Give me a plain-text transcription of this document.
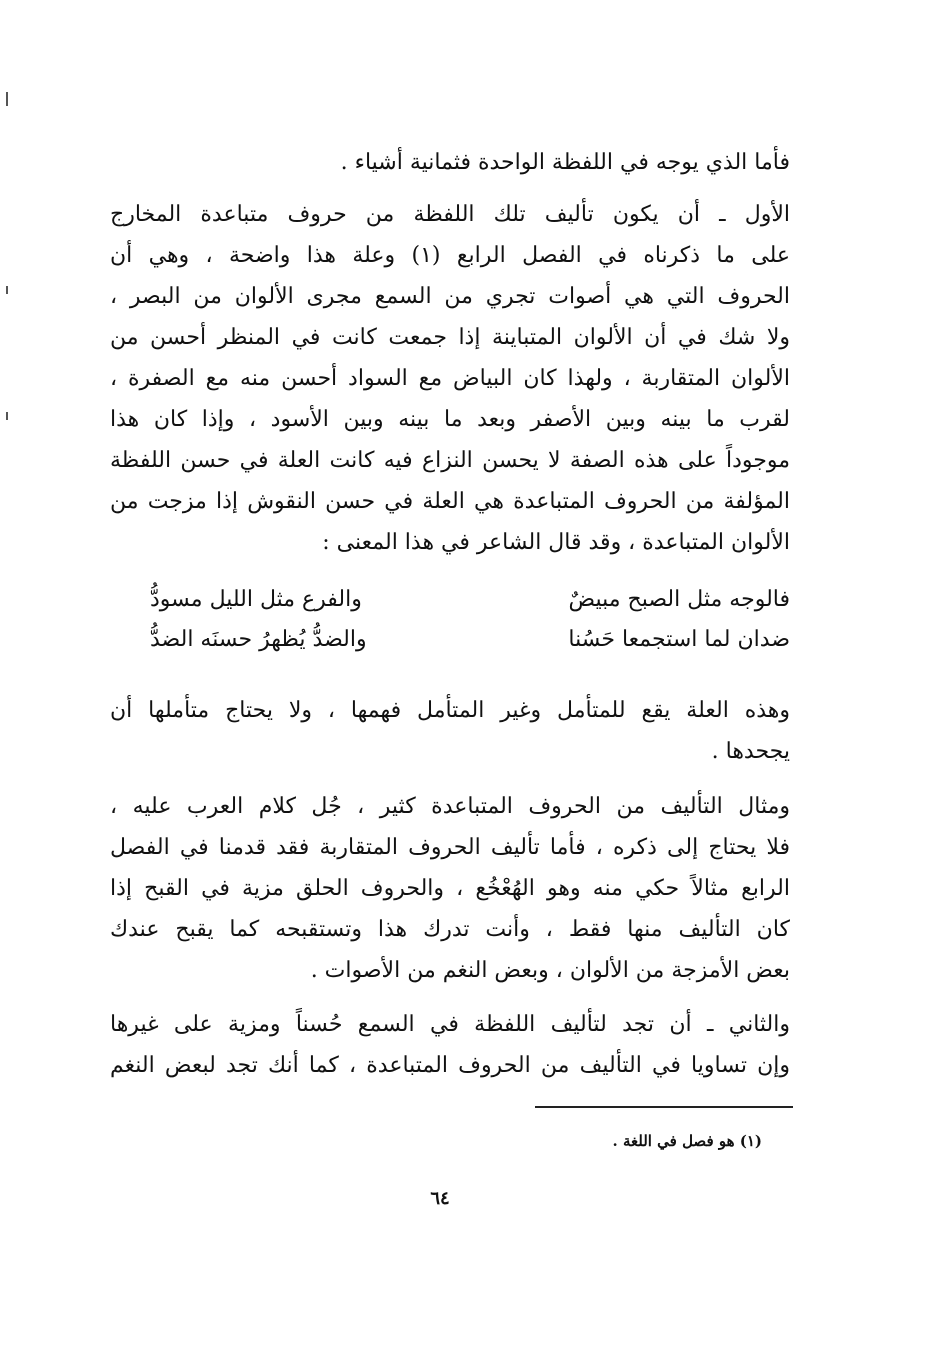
فأما الذي يوجه في اللفظة الواحدة فثمانية أشياء .
الأول ـ أن يكون تأليف تلك اللفظة من حروف متباعدة المخارج
على ما ذكرناه في الفصل الرابع (١) وعلة هذا واضحة ، وهي أن
الحروف التي هي أصوات تجري من السمع مجرى الألوان من البصر ،
ولا شك في أن الألوان المتباينة إذا جمعت كانت في المنظر أحسن من
الألوان المتقاربة ، ولهذا كان البياض مع السواد أحسن منه مع الصفرة ،
لقرب ما بينه وبين الأصفر وبعد ما بينه وبين الأسود ، وإذا كان هذا
موجوداً على هذه الصفة لا يحسن النزاع فيه كانت العلة في حسن اللفظة
المؤلفة من الحروف المتباعدة هي العلة في حسن النقوش إذا مزجت من
الألوان المتباعدة ، وقد قال الشاعر في هذا المعنى :
فالوجه مثل الصبح مبيضٌ
والفرع مثل الليل مسودُّ
ضدان لما استجمعا حَسُنا
والضدُّ يُظهرُ حسنَه الضدُّ
وهذه العلة يقع للمتأمل وغير المتأمل فهمها ، ولا يحتاج متأملها أن
يجحدها .
ومثال التأليف من الحروف المتباعدة كثير ، جُل كلام العرب عليه ،
فلا يحتاج إلى ذكره ، فأما تأليف الحروف المتقاربة فقد قدمنا في الفصل
الرابع مثالاً حكي منه وهو الهُعْخُع ، والحروف الحلق مزية في القبح إذا
كان التأليف منها فقط ، وأنت تدرك هذا وتستقبحه كما يقبح عندك
بعض الأمزجة من الألوان ، وبعض النغم من الأصوات .
والثاني ـ أن تجد لتأليف اللفظة في السمع حُسناً ومزية على غيرها
وإن تساويا في التأليف من الحروف المتباعدة ، كما أنك تجد لبعض النغم
(١) هو فصل في اللغة .
٦٤
